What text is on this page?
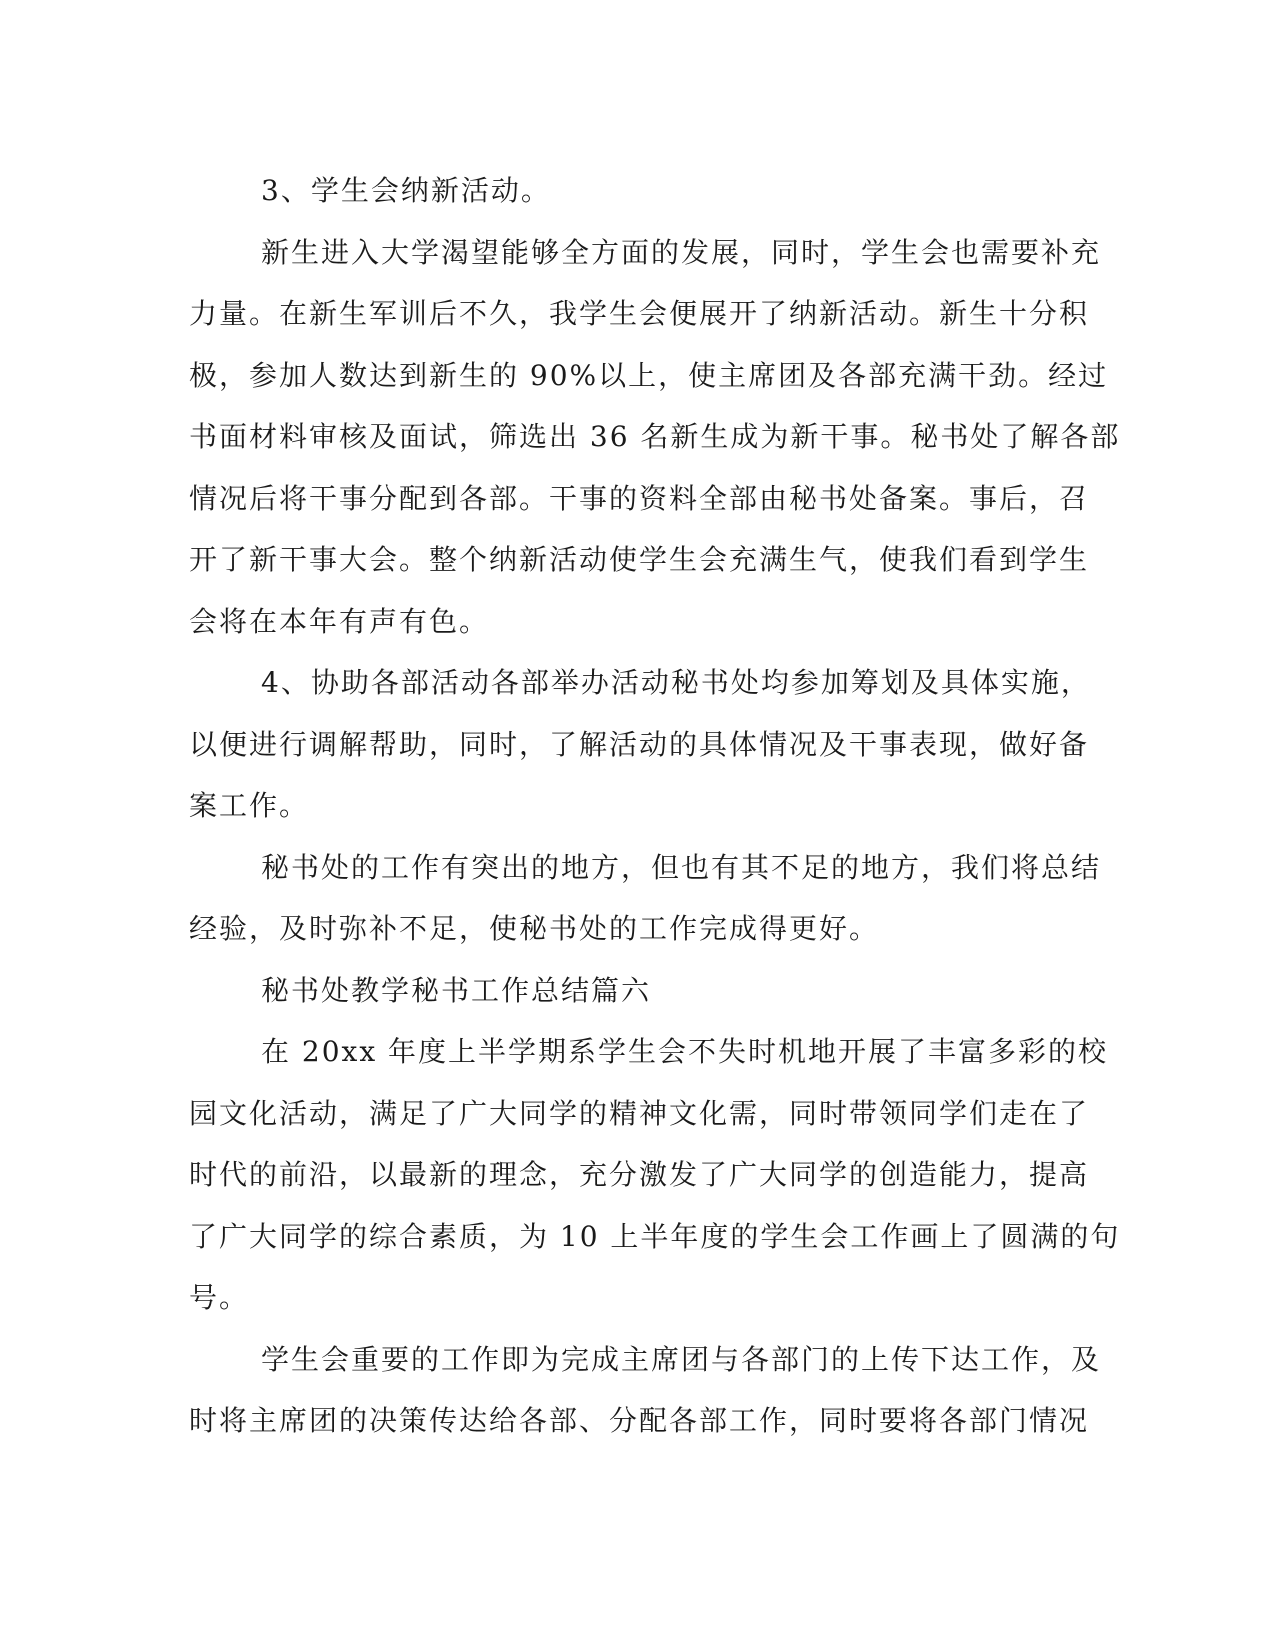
3、学生会纳新活动。
新生进入大学渴望能够全方面的发展，同时，学生会也需要补充
力量。在新生军训后不久，我学生会便展开了纳新活动。新生十分积
极，参加人数达到新生的 90%以上，使主席团及各部充满干劲。经过
书面材料审核及面试，筛选出 36 名新生成为新干事。秘书处了解各部
情况后将干事分配到各部。干事的资料全部由秘书处备案。事后，召
开了新干事大会。整个纳新活动使学生会充满生气，使我们看到学生
会将在本年有声有色。
4、协助各部活动各部举办活动秘书处均参加筹划及具体实施，
以便进行调解帮助，同时，了解活动的具体情况及干事表现，做好备
案工作。
秘书处的工作有突出的地方，但也有其不足的地方，我们将总结
经验，及时弥补不足，使秘书处的工作完成得更好。
秘书处教学秘书工作总结篇六
在 20xx 年度上半学期系学生会不失时机地开展了丰富多彩的校
园文化活动，满足了广大同学的精神文化需，同时带领同学们走在了
时代的前沿，以最新的理念，充分激发了广大同学的创造能力，提高
了广大同学的综合素质，为 10 上半年度的学生会工作画上了圆满的句
号。
学生会重要的工作即为完成主席团与各部门的上传下达工作，及
时将主席团的决策传达给各部、分配各部工作，同时要将各部门情况
